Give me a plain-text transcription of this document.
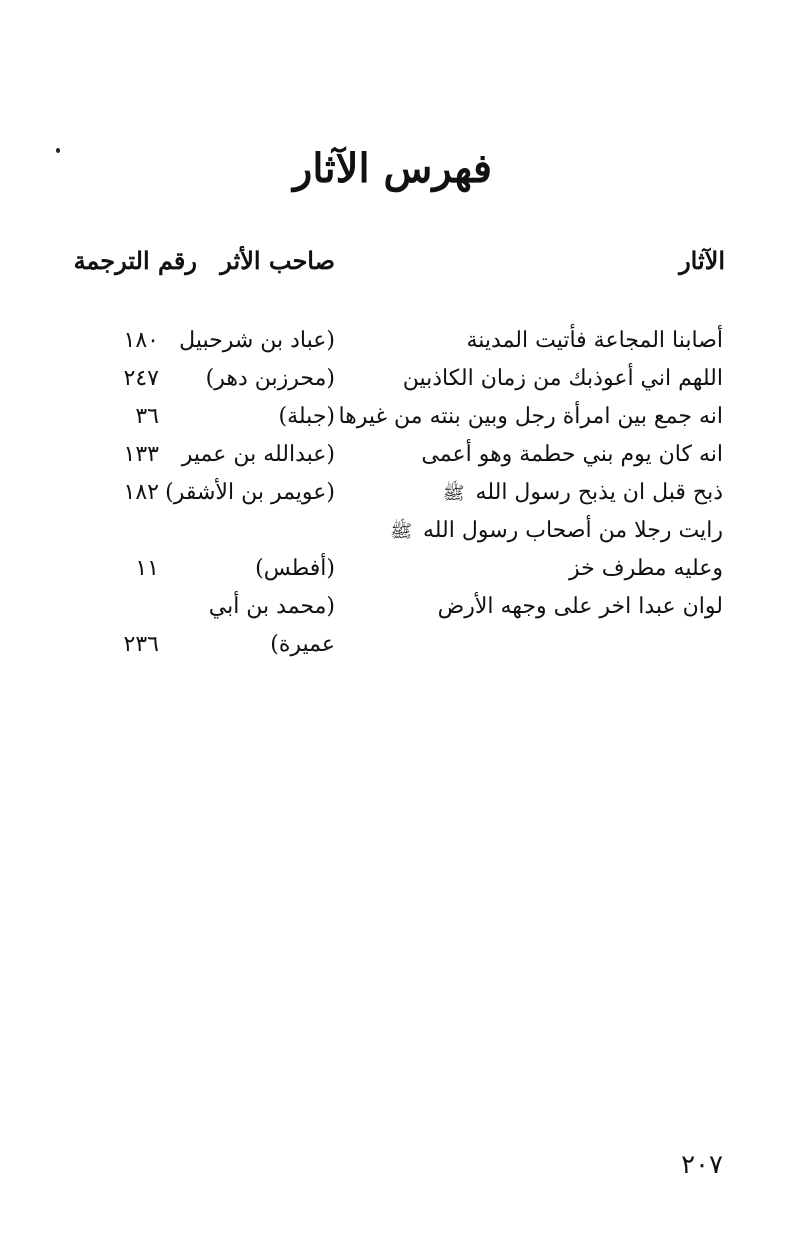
فهرس الآثار
الآثار
صاحب الأثر
رقم الترجمة
أصابنا المجاعة فأتيت المدينة
(عباد بن شرحبيل
١٨٠
اللهم اني أعوذبك من زمان الكاذبين
(محرزبن دهر)
٢٤٧
انه جمع بين امرأة رجل وبين بنته من غيرها
(جبلة)
٣٦
انه كان يوم بني حطمة وهو أعمى
(عبدالله بن عمير
١٣٣
ذبح قبل ان يذبح رسول الله ﷺ
(عويمر بن الأشقر)
١٨٢
رايت رجلا من أصحاب رسول الله ﷺ
وعليه مطرف خز
(أفطس)
١١
لوان عبدا اخر على وجهه الأرض
(محمد بن أبي
عميرة)
٢٣٦
٢٠٧
